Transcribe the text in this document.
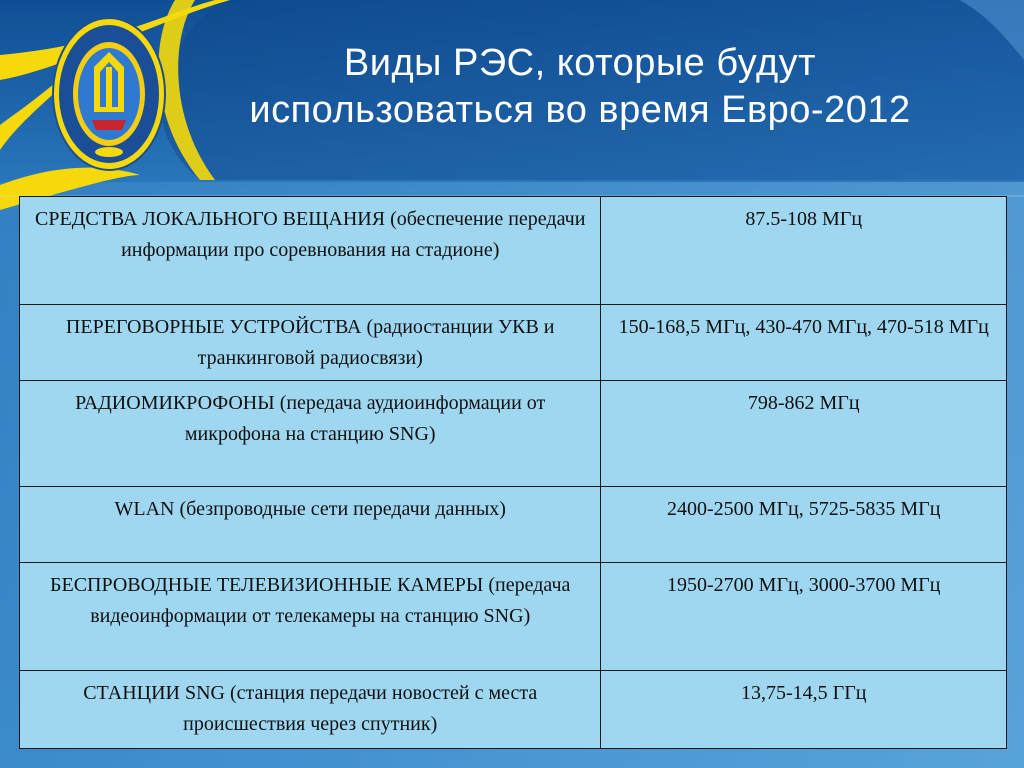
Виды РЭС, которые будут
использоваться во время Евро-2012
СРЕДСТВА ЛОКАЛЬНОГО ВЕЩАНИЯ (обеспечение передачи информации про соревнования на стадионе)	87.5-108 МГц
ПЕРЕГОВОРНЫЕ УСТРОЙСТВА (радиостанции УКВ и транкинговой радиосвязи)	150-168,5 МГц, 430-470 МГц, 470-518 МГц
РАДИОМИКРОФОНЫ (передача аудиоинформации от микрофона на станцию SNG)	798-862 МГц
WLAN (безпроводные сети передачи данных)	2400-2500 МГц, 5725-5835 МГц
БЕСПРОВОДНЫЕ ТЕЛЕВИЗИОННЫЕ КАМЕРЫ (передача видеоинформации от телекамеры на станцию SNG)	1950-2700 МГц, 3000-3700 МГц
СТАНЦИИ SNG (станция передачи новостей с места происшествия через спутник)	13,75-14,5 ГГц
